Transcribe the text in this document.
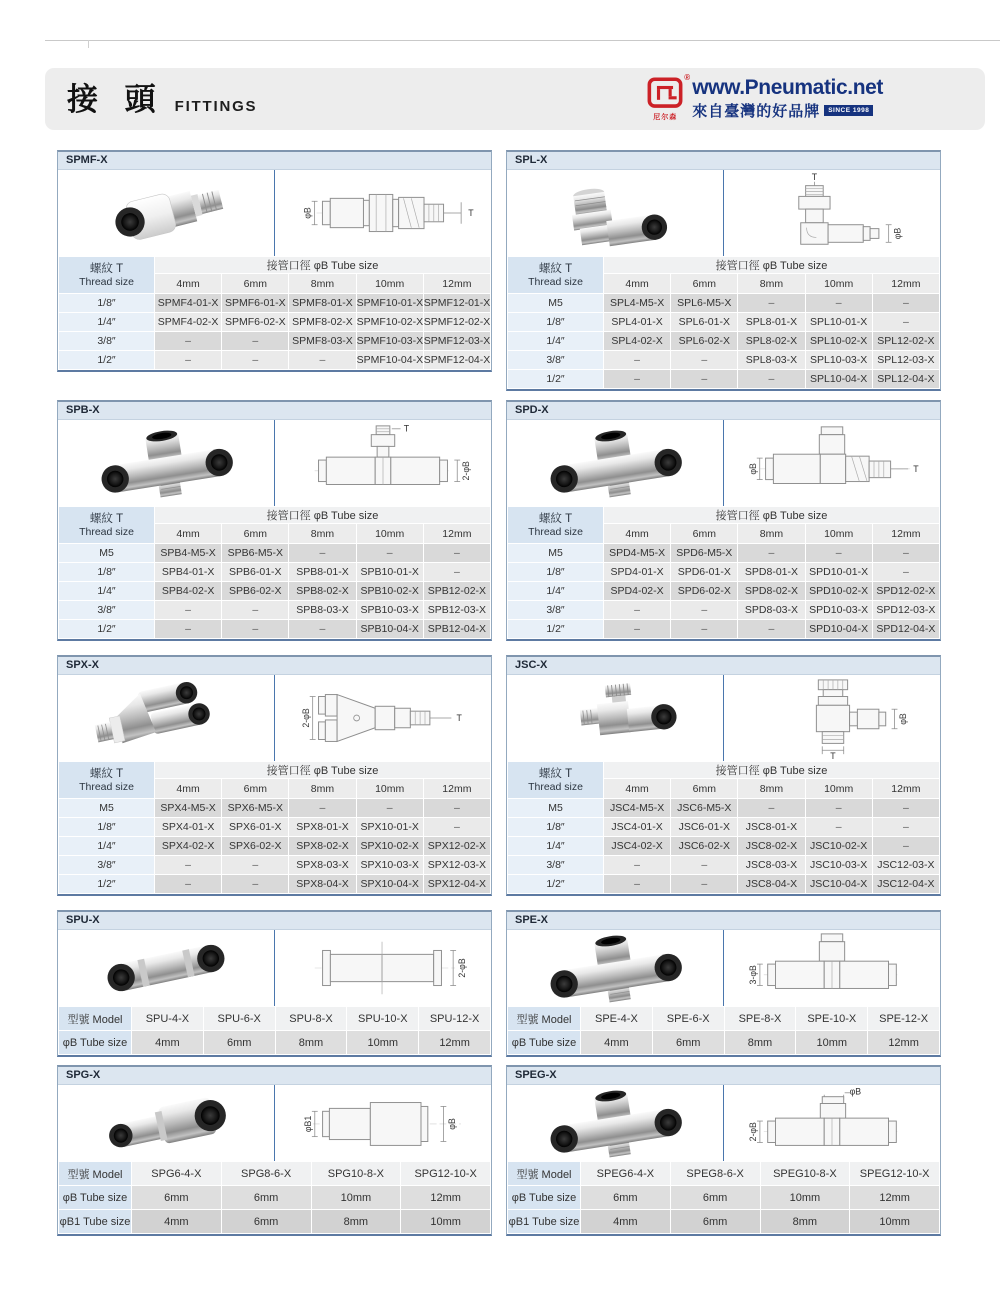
接 頭 FITTINGS
®
尼尔森
www.Pneumatic.net
來自臺灣的好品牌	SINCE 1998
SPMF-X
φB	T
螺紋 T
Thread size	接管口徑 φB Tube size				
	4mm	6mm	8mm	10mm	12mm
1/8″	SPMF4-01-X	SPMF6-01-X	SPMF8-01-X	SPMF10-01-X	SPMF12-01-X
1/4″	SPMF4-02-X	SPMF6-02-X	SPMF8-02-X	SPMF10-02-X	SPMF12-02-X
3/8″	–	–	SPMF8-03-X	SPMF10-03-X	SPMF12-03-X
1/2″	–	–	–	SPMF10-04-X	SPMF12-04-X
SPL-X
T
φB
螺紋 T
Thread size	接管口徑 φB Tube size				
	4mm	6mm	8mm	10mm	12mm
M5	SPL4-M5-X	SPL6-M5-X	–	–	–
1/8″	SPL4-01-X	SPL6-01-X	SPL8-01-X	SPL10-01-X	–
1/4″	SPL4-02-X	SPL6-02-X	SPL8-02-X	SPL10-02-X	SPL12-02-X
3/8″	–	–	SPL8-03-X	SPL10-03-X	SPL12-03-X
1/2″	–	–	–	SPL10-04-X	SPL12-04-X
SPB-X
T
2-φB
螺紋 T
Thread size	接管口徑 φB Tube size				
	4mm	6mm	8mm	10mm	12mm
M5	SPB4-M5-X	SPB6-M5-X	–	–	–
1/8″	SPB4-01-X	SPB6-01-X	SPB8-01-X	SPB10-01-X	–
1/4″	SPB4-02-X	SPB6-02-X	SPB8-02-X	SPB10-02-X	SPB12-02-X
3/8″	–	–	SPB8-03-X	SPB10-03-X	SPB12-03-X
1/2″	–	–	–	SPB10-04-X	SPB12-04-X
SPD-X
φB	T
螺紋 T
Thread size	接管口徑 φB Tube size				
	4mm	6mm	8mm	10mm	12mm
M5	SPD4-M5-X	SPD6-M5-X	–	–	–
1/8″	SPD4-01-X	SPD6-01-X	SPD8-01-X	SPD10-01-X	–
1/4″	SPD4-02-X	SPD6-02-X	SPD8-02-X	SPD10-02-X	SPD12-02-X
3/8″	–	–	SPD8-03-X	SPD10-03-X	SPD12-03-X
1/2″	–	–	–	SPD10-04-X	SPD12-04-X
SPX-X
2-φB	T
螺紋 T
Thread size	接管口徑 φB Tube size				
	4mm	6mm	8mm	10mm	12mm
M5	SPX4-M5-X	SPX6-M5-X	–	–	–
1/8″	SPX4-01-X	SPX6-01-X	SPX8-01-X	SPX10-01-X	–
1/4″	SPX4-02-X	SPX6-02-X	SPX8-02-X	SPX10-02-X	SPX12-02-X
3/8″	–	–	SPX8-03-X	SPX10-03-X	SPX12-03-X
1/2″	–	–	SPX8-04-X	SPX10-04-X	SPX12-04-X
JSC-X
φB
T
螺紋 T
Thread size	接管口徑 φB Tube size				
	4mm	6mm	8mm	10mm	12mm
M5	JSC4-M5-X	JSC6-M5-X	–	–	–
1/8″	JSC4-01-X	JSC6-01-X	JSC8-01-X	–	–
1/4″	JSC4-02-X	JSC6-02-X	JSC8-02-X	JSC10-02-X	–
3/8″	–	–	JSC8-03-X	JSC10-03-X	JSC12-03-X
1/2″	–	–	JSC8-04-X	JSC10-04-X	JSC12-04-X
SPU-X
2-φB
型號 Model	SPU-4-X	SPU-6-X	SPU-8-X	SPU-10-X	SPU-12-X
φB Tube size	4mm	6mm	8mm	10mm	12mm
SPE-X
3-φB
型號 Model	SPE-4-X	SPE-6-X	SPE-8-X	SPE-10-X	SPE-12-X
φB Tube size	4mm	6mm	8mm	10mm	12mm
SPG-X
φB1	φB
型號 Model	SPG6-4-X	SPG8-6-X	SPG10-8-X	SPG12-10-X
φB Tube size	6mm	6mm	10mm	12mm
φB1 Tube size	4mm	6mm	8mm	10mm
SPEG-X
φB
2-φB
型號 Model	SPEG6-4-X	SPEG8-6-X	SPEG10-8-X	SPEG12-10-X
φB Tube size	6mm	6mm	10mm	12mm
φB1 Tube size	4mm	6mm	8mm	10mm
